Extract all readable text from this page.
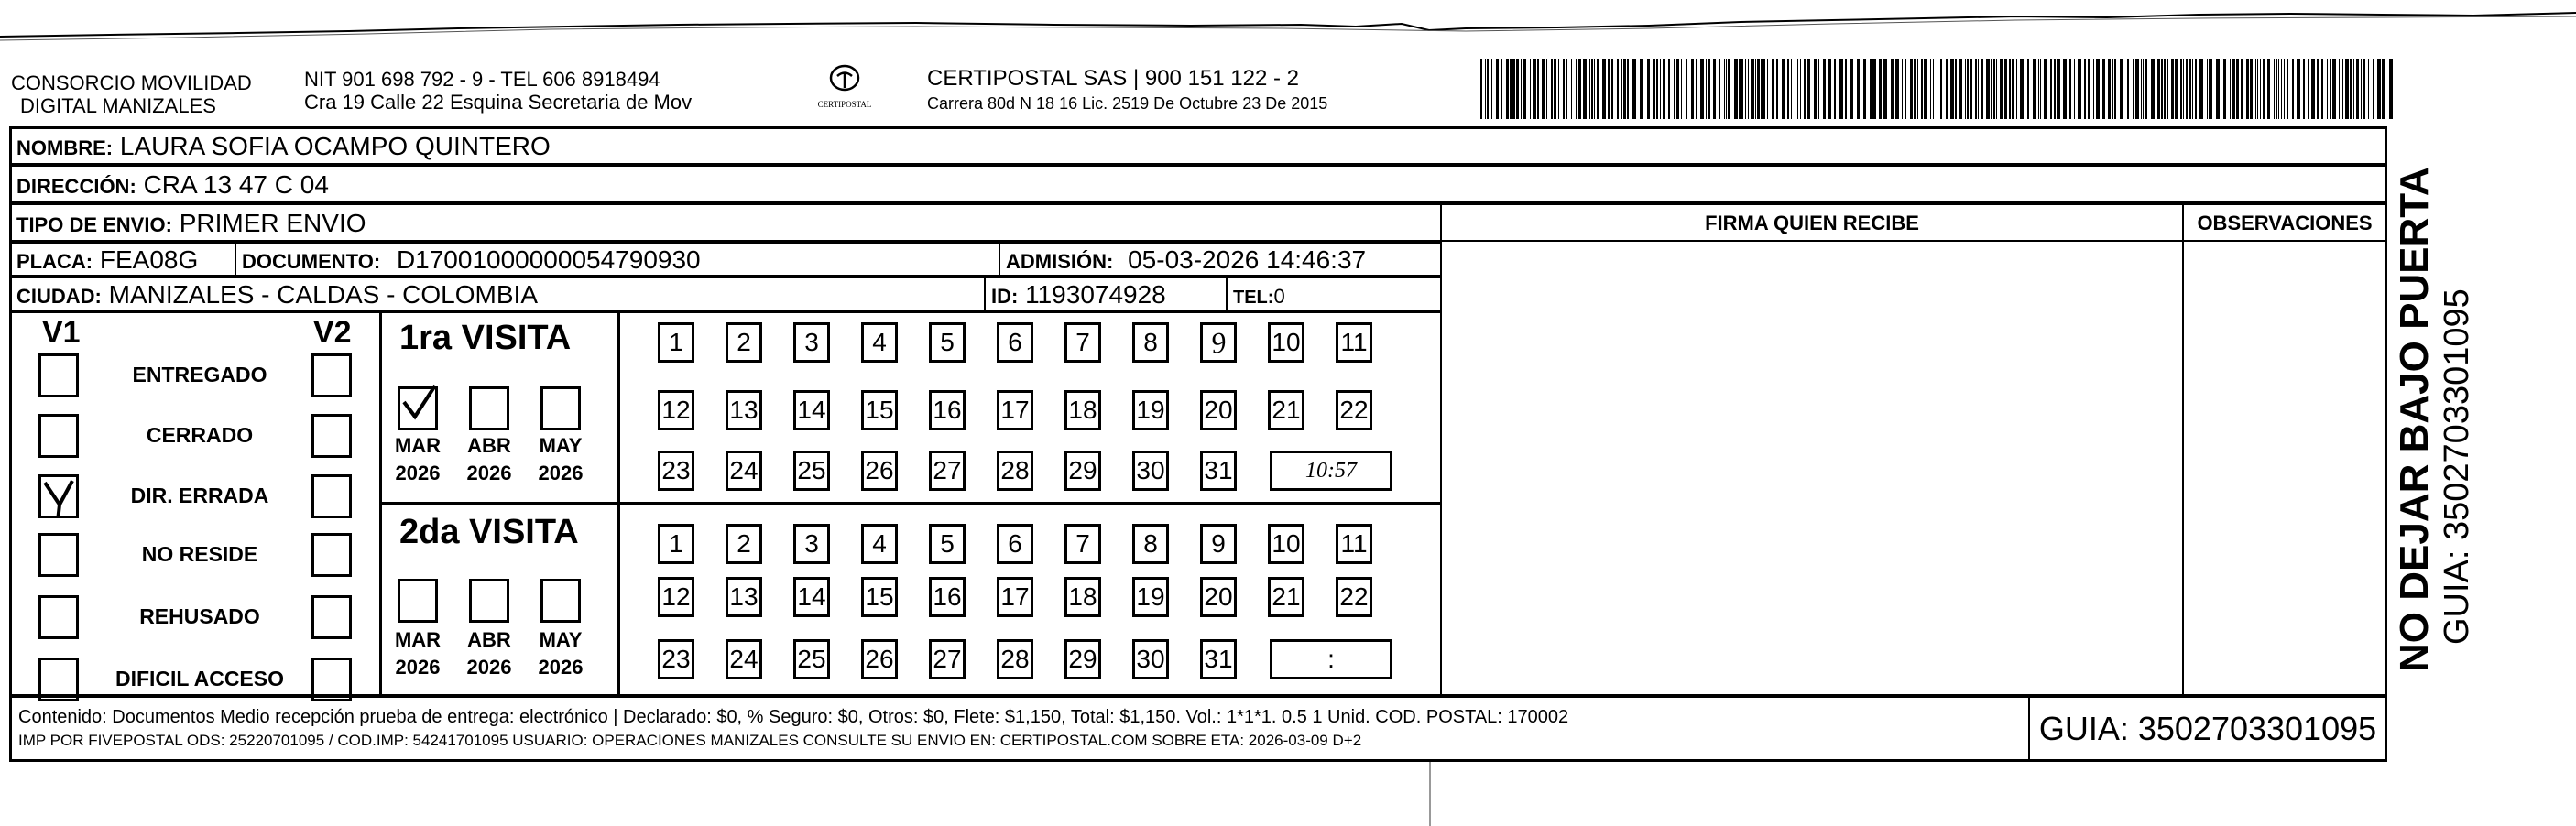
CONSORCIO MOVILIDAD
DIGITAL MANIZALES
NIT 901 698 792 - 9 - TEL 606 8918494
Cra 19 Calle 22 Esquina Secretaria de Mov	CERTIPOSTAL
CERTIPOSTAL SAS | 900 151 122 - 2
Carrera 80d N 18 16 Lic. 2519 De Octubre 23 De 2015
NOMBRE: LAURA SOFIA OCAMPO QUINTERO
DIRECCIÓN: CRA 13 47 C 04
TIPO DE ENVIO: PRIMER ENVIO	FIRMA QUIEN RECIBE	OBSERVACIONES
PLACA: FEA08G	DOCUMENTO: D17001000000054790930	ADMISIÓN: 05-03-2026 14:46:37
CIUDAD: MANIZALES - CALDAS - COLOMBIA	ID: 1193074928	TEL:0
V1	V2
ENTREGADO
CERRADO
DIR. ERRADA
NO RESIDE
REHUSADO
DIFICIL ACCESO
1ra VISITA
MAR
2026
ABR
2026
MAY
2026
1	2	3	4	5	6	7	8	9	10 11
12 13 14 15 16 17 18 19 20 21 22
23 24 25 26 27 28 29 30 31	10:57
2da VISITA
MAR
2026
ABR
2026
MAY
2026
1	2	3	4	5	6	7	8	9	10 11
12 13 14 15 16 17 18 19 20 21 22
23 24 25 26 27 28 29 30 31	:
Contenido: Documentos Medio recepción prueba de entrega: electrónico | Declarado: $0, % Seguro: $0, Otros: $0, Flete: $1,150, Total: $1,150. Vol.: 1*1*1. 0.5 1 Unid. COD. POSTAL: 170002
IMP POR FIVEPOSTAL ODS: 25220701095 / COD.IMP: 54241701095 USUARIO: OPERACIONES MANIZALES CONSULTE SU ENVIO EN: CERTIPOSTAL.COM SOBRE ETA: 2026-03-09 D+2	GUIA: 3502703301095
NO DEJAR BAJO PUERTA GUIA: 3502703301095
